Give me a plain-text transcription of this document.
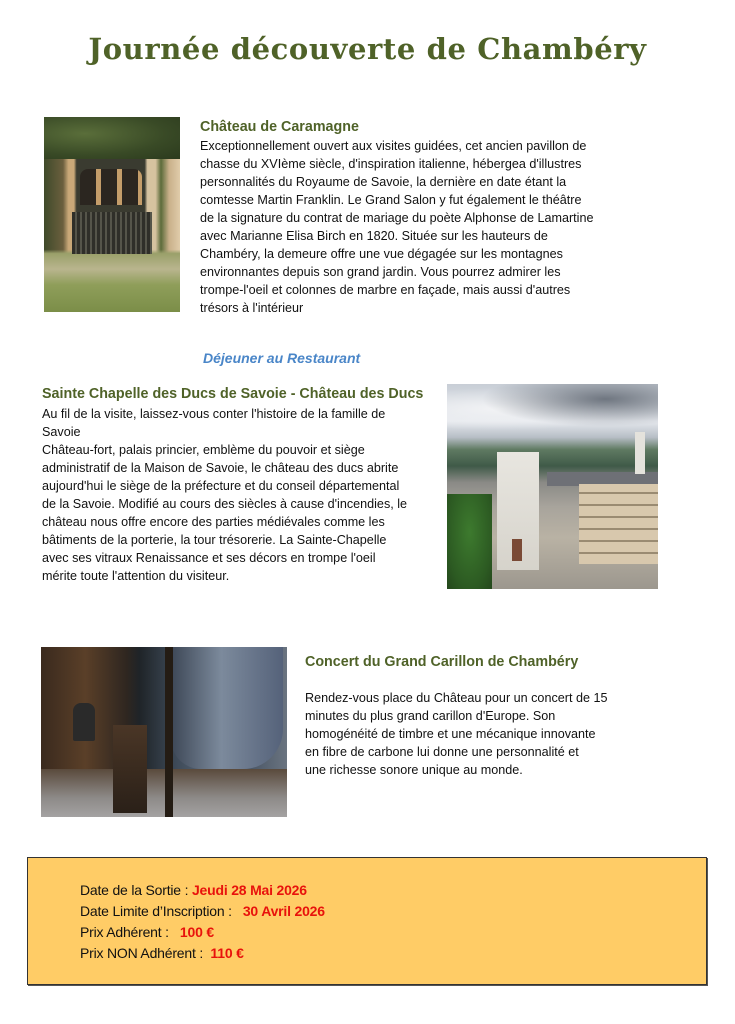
Journée découverte de Chambéry
Château de Caramagne
Exceptionnellement ouvert aux visites guidées, cet ancien pavillon de
chasse du XVIème siècle, d'inspiration italienne, hébergea d'illustres
personnalités du Royaume de Savoie, la dernière en date étant la
comtesse Martin Franklin. Le Grand Salon y fut également le théâtre
de la signature du contrat de mariage du poète Alphonse de Lamartine
avec Marianne Elisa Birch en 1820. Située sur les hauteurs de
Chambéry, la demeure offre une vue dégagée sur les montagnes
environnantes depuis son grand jardin. Vous pourrez admirer les
trompe-l'oeil et colonnes de marbre en façade, mais aussi d'autres
trésors à l'intérieur

Déjeuner au Restaurant

Sainte Chapelle des Ducs de Savoie - Château des Ducs
Au fil de la visite, laissez-vous conter l'histoire de la famille de
Savoie
Château-fort, palais princier, emblème du pouvoir et siège
administratif de la Maison de Savoie, le château des ducs abrite
aujourd'hui le siège de la préfecture et du conseil départemental
de la Savoie. Modifié au cours des siècles à cause d'incendies, le
château nous offre encore des parties médiévales comme les
bâtiments de la porterie, la tour trésorerie. La Sainte-Chapelle
avec ses vitraux Renaissance et ses décors en trompe l'oeil
mérite toute l'attention du visiteur.
Concert du Grand Carillon de Chambéry
Rendez-vous place du Château pour un concert de 15
minutes du plus grand carillon d'Europe. Son
homogénéité de timbre et une mécanique innovante
en fibre de carbone lui donne une personnalité et
une richesse sonore unique au monde.

Date de la Sortie : Jeudi 28 Mai 2026

Date Limite d’Inscription :   30 Avril 2026

Prix Adhérent :   100 €

Prix NON Adhérent :  110 €
